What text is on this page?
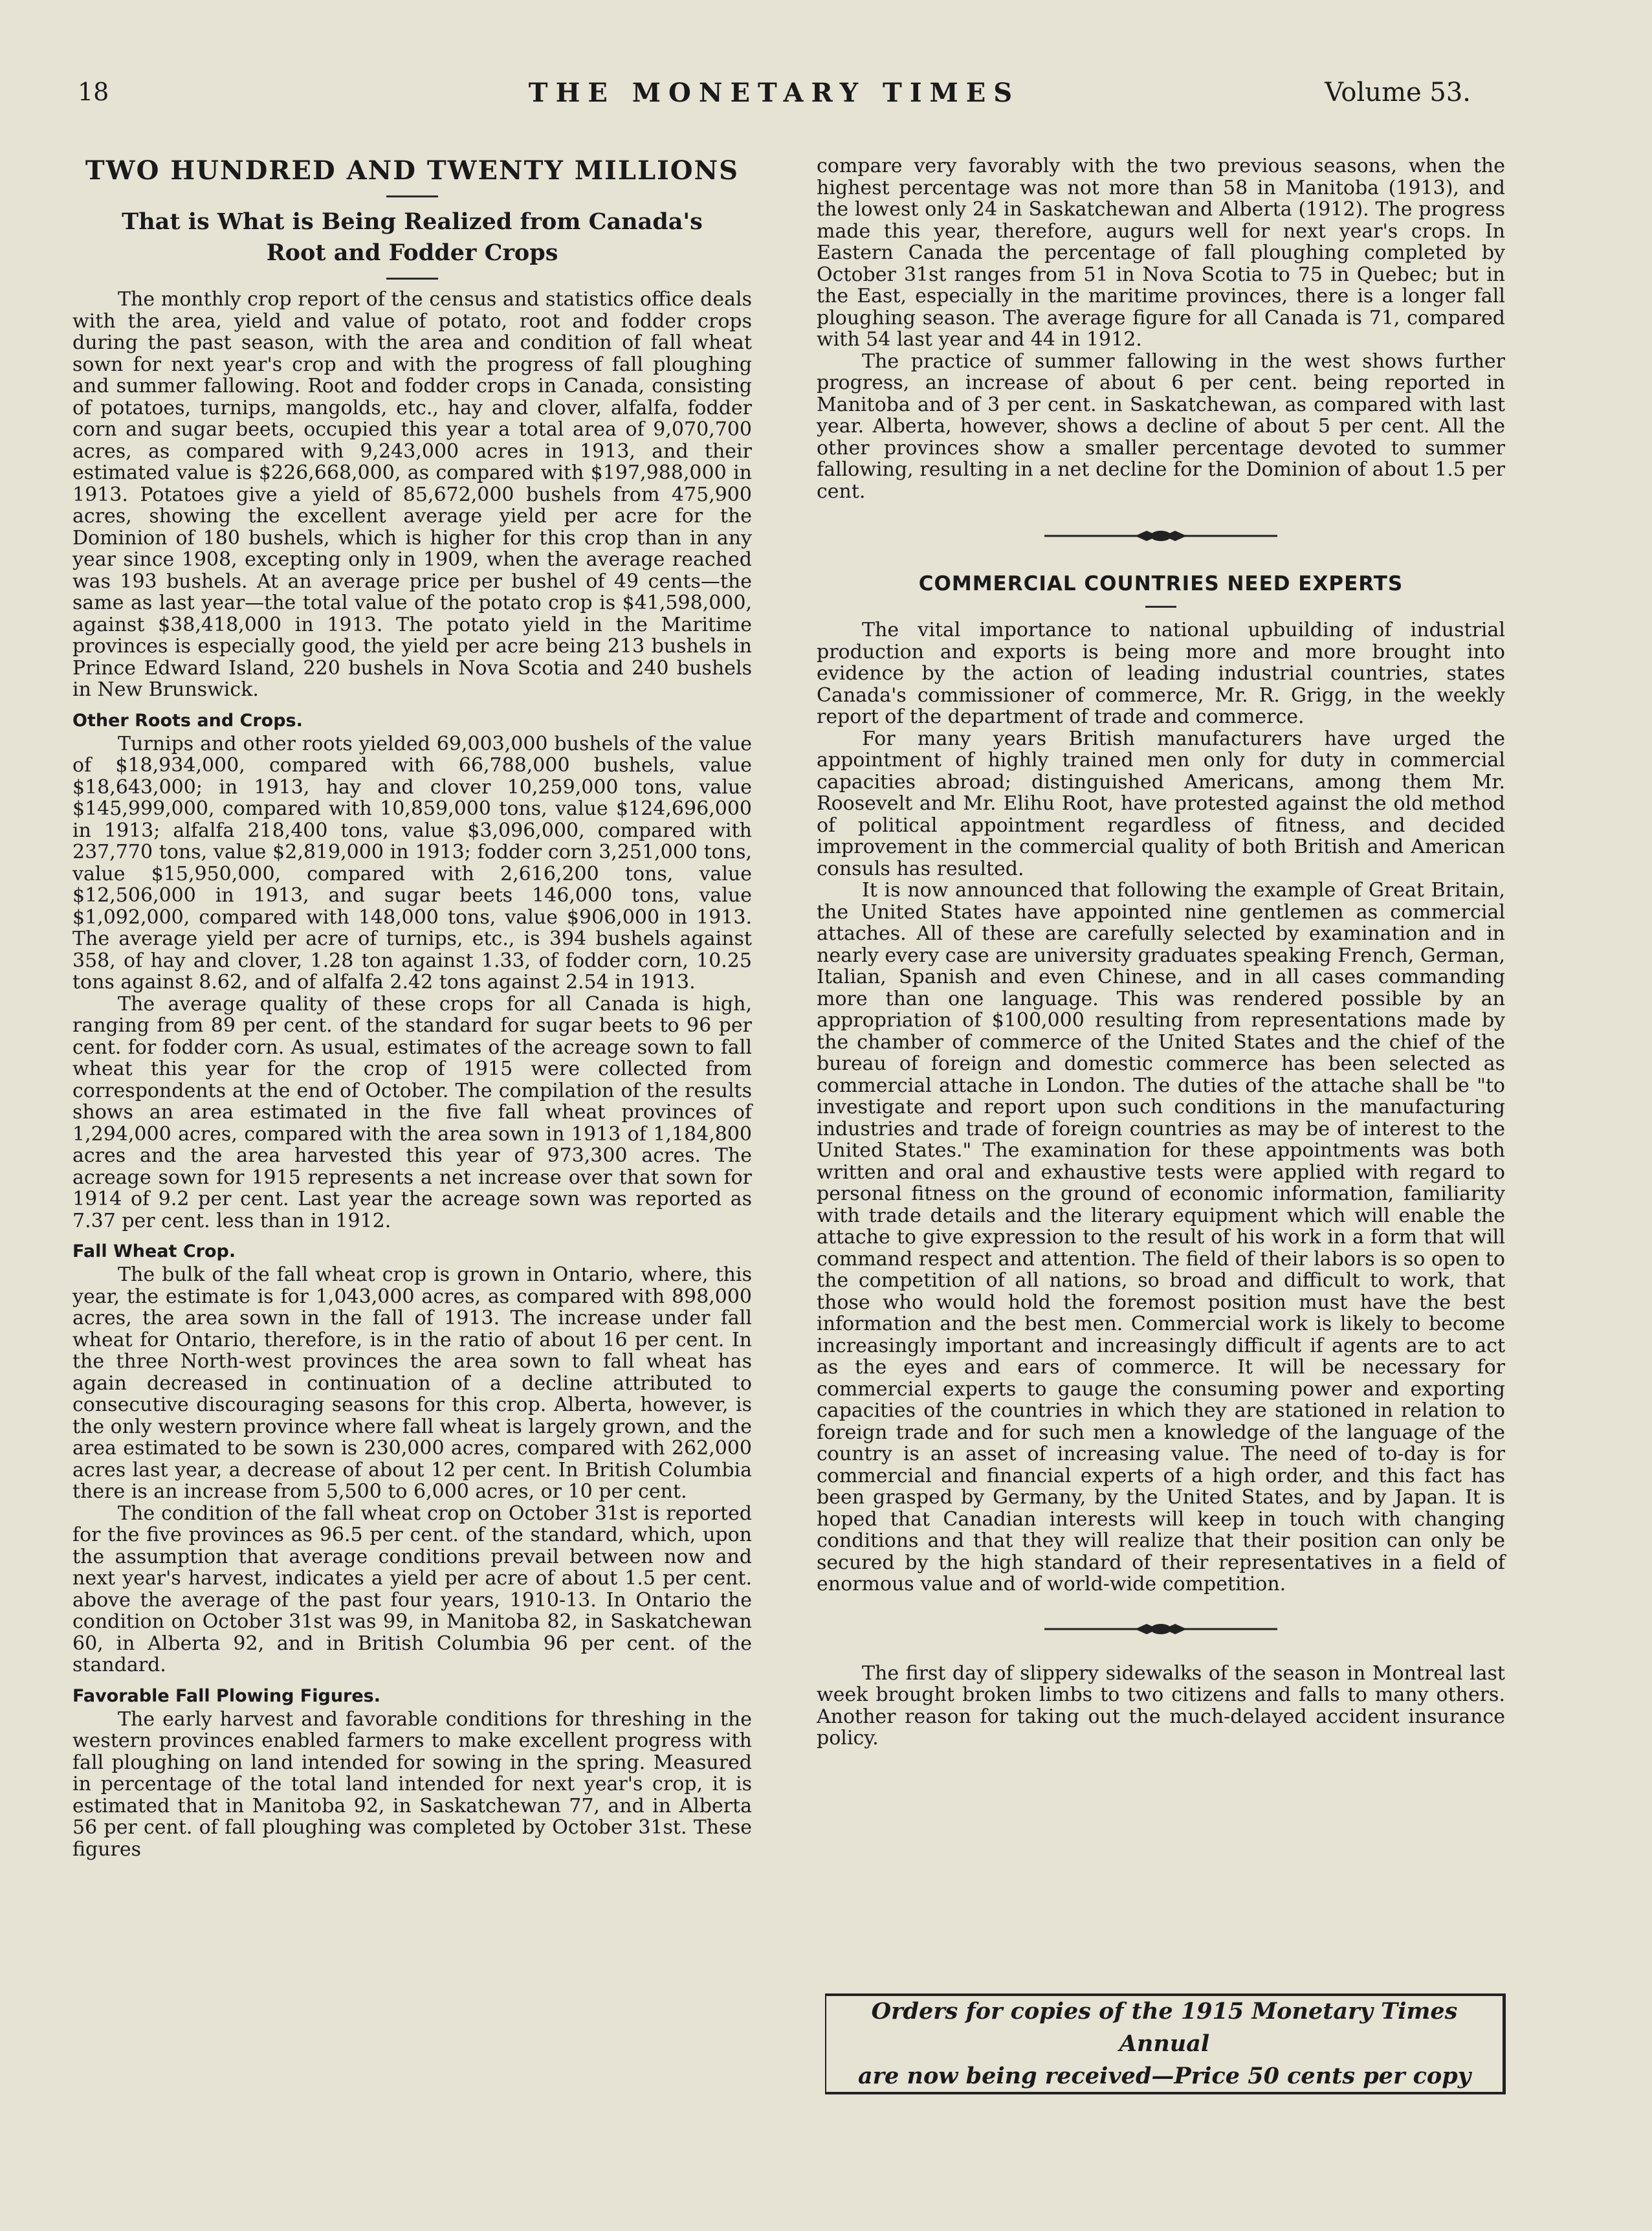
18	THE MONETARY TIMES	Volume 53.
TWO HUNDRED AND TWENTY MILLIONS
That is What is Being Realized from Canada's Root and Fodder Crops

The monthly crop report of the census and statistics office deals with the area, yield and value of potato, root and fodder crops during the past season, with the area and condition of fall wheat sown for next year's crop and with the progress of fall ploughing and summer fallowing. Root and fodder crops in Canada, consisting of potatoes, turnips, mangolds, etc., hay and clover, alfalfa, fodder corn and sugar beets, occupied this year a total area of 9,070,700 acres, as compared with 9,243,000 acres in 1913, and their estimated value is $226,668,000, as compared with $197,988,000 in 1913. Potatoes give a yield of 85,672,000 bushels from 475,900 acres, showing the excellent average yield per acre for the Dominion of 180 bushels, which is higher for this crop than in any year since 1908, excepting only in 1909, when the average reached was 193 bushels. At an average price per bushel of 49 cents—the same as last year—the total value of the potato crop is $41,598,000, against $38,418,000 in 1913. The potato yield in the Maritime provinces is especially good, the yield per acre being 213 bushels in Prince Edward Island, 220 bushels in Nova Scotia and 240 bushels in New Brunswick.

Other Roots and Crops.

Turnips and other roots yielded 69,003,000 bushels of the value of $18,934,000, compared with 66,788,000 bushels, value $18,643,000; in 1913, hay and clover 10,259,000 tons, value $145,999,000, compared with 10,859,000 tons, value $124,696,000 in 1913; alfalfa 218,400 tons, value $3,096,000, compared with 237,770 tons, value $2,819,000 in 1913; fodder corn 3,251,000 tons, value $15,950,000, compared with 2,616,200 tons, value $12,506,000 in 1913, and sugar beets 146,000 tons, value $1,092,000, compared with 148,000 tons, value $906,000 in 1913. The average yield per acre of turnips, etc., is 394 bushels against 358, of hay and clover, 1.28 ton against 1.33, of fodder corn, 10.25 tons against 8.62, and of alfalfa 2.42 tons against 2.54 in 1913.

The average quality of these crops for all Canada is high, ranging from 89 per cent. of the standard for sugar beets to 96 per cent. for fodder corn. As usual, estimates of the acreage sown to fall wheat this year for the crop of 1915 were collected from correspondents at the end of October. The compilation of the results shows an area estimated in the five fall wheat provinces of 1,294,000 acres, compared with the area sown in 1913 of 1,184,800 acres and the area harvested this year of 973,300 acres. The acreage sown for 1915 represents a net increase over that sown for 1914 of 9.2 per cent. Last year the acreage sown was reported as 7.37 per cent. less than in 1912.

Fall Wheat Crop.

The bulk of the fall wheat crop is grown in Ontario, where, this year, the estimate is for 1,043,000 acres, as compared with 898,000 acres, the area sown in the fall of 1913. The increase under fall wheat for Ontario, therefore, is in the ratio of about 16 per cent. In the three North-west provinces the area sown to fall wheat has again decreased in continuation of a decline attributed to consecutive discouraging seasons for this crop. Alberta, however, is the only western province where fall wheat is largely grown, and the area estimated to be sown is 230,000 acres, compared with 262,000 acres last year, a decrease of about 12 per cent. In British Columbia there is an increase from 5,500 to 6,000 acres, or 10 per cent.

The condition of the fall wheat crop on October 31st is reported for the five provinces as 96.5 per cent. of the standard, which, upon the assumption that average conditions prevail between now and next year's harvest, indicates a yield per acre of about 1.5 per cent. above the average of the past four years, 1910-13. In Ontario the condition on October 31st was 99, in Manitoba 82, in Saskatchewan 60, in Alberta 92, and in British Columbia 96 per cent. of the standard.

Favorable Fall Plowing Figures.

The early harvest and favorable conditions for threshing in the western provinces enabled farmers to make excellent progress with fall ploughing on land intended for sowing in the spring. Measured in percentage of the total land intended for next year's crop, it is estimated that in Manitoba 92, in Saskatchewan 77, and in Alberta 56 per cent. of fall ploughing was completed by October 31st. These figures

compare very favorably with the two previous seasons, when the highest percentage was not more than 58 in Manitoba (1913), and the lowest only 24 in Saskatchewan and Alberta (1912). The progress made this year, therefore, augurs well for next year's crops. In Eastern Canada the percentage of fall ploughing completed by October 31st ranges from 51 in Nova Scotia to 75 in Quebec; but in the East, especially in the maritime provinces, there is a longer fall ploughing season. The average figure for all Canada is 71, compared with 54 last year and 44 in 1912.

The practice of summer fallowing in the west shows further progress, an increase of about 6 per cent. being reported in Manitoba and of 3 per cent. in Saskatchewan, as compared with last year. Alberta, however, shows a decline of about 5 per cent. All the other provinces show a smaller percentage devoted to summer fallowing, resulting in a net decline for the Dominion of about 1.5 per cent.

COMMERCIAL COUNTRIES NEED EXPERTS

The vital importance to national upbuilding of industrial production and exports is being more and more brought into evidence by the action of leading industrial countries, states Canada's commissioner of commerce, Mr. R. Grigg, in the weekly report of the department of trade and commerce.

For many years British manufacturers have urged the appointment of highly trained men only for duty in commercial capacities abroad; distinguished Americans, among them Mr. Roosevelt and Mr. Elihu Root, have protested against the old method of political appointment regardless of fitness, and decided improvement in the commercial quality of both British and American consuls has resulted.

It is now announced that following the example of Great Britain, the United States have appointed nine gentlemen as commercial attaches. All of these are carefully selected by examination and in nearly every case are university graduates speaking French, German, Italian, Spanish and even Chinese, and in all cases commanding more than one language. This was rendered possible by an appropriation of $100,000 resulting from representations made by the chamber of commerce of the United States and the chief of the bureau of foreign and domestic commerce has been selected as commercial attache in London. The duties of the attache shall be "to investigate and report upon such conditions in the manufacturing industries and trade of foreign countries as may be of interest to the United States." The examination for these appointments was both written and oral and exhaustive tests were applied with regard to personal fitness on the ground of economic information, familiarity with trade details and the literary equipment which will enable the attache to give expression to the result of his work in a form that will command respect and attention. The field of their labors is so open to the competition of all nations, so broad and difficult to work, that those who would hold the foremost position must have the best information and the best men. Commercial work is likely to become increasingly important and increasingly difficult if agents are to act as the eyes and ears of commerce. It will be necessary for commercial experts to gauge the consuming power and exporting capacities of the countries in which they are stationed in relation to foreign trade and for such men a knowledge of the language of the country is an asset of increasing value. The need of to-day is for commercial and financial experts of a high order, and this fact has been grasped by Germany, by the United States, and by Japan. It is hoped that Canadian interests will keep in touch with changing conditions and that they will realize that their position can only be secured by the high standard of their representatives in a field of enormous value and of world-wide competition.

The first day of slippery sidewalks of the season in Montreal last week brought broken limbs to two citizens and falls to many others. Another reason for taking out the much-delayed accident insurance policy.

Orders for copies of the 1915 Monetary Times Annual

are now being received—Price 50 cents per copy
